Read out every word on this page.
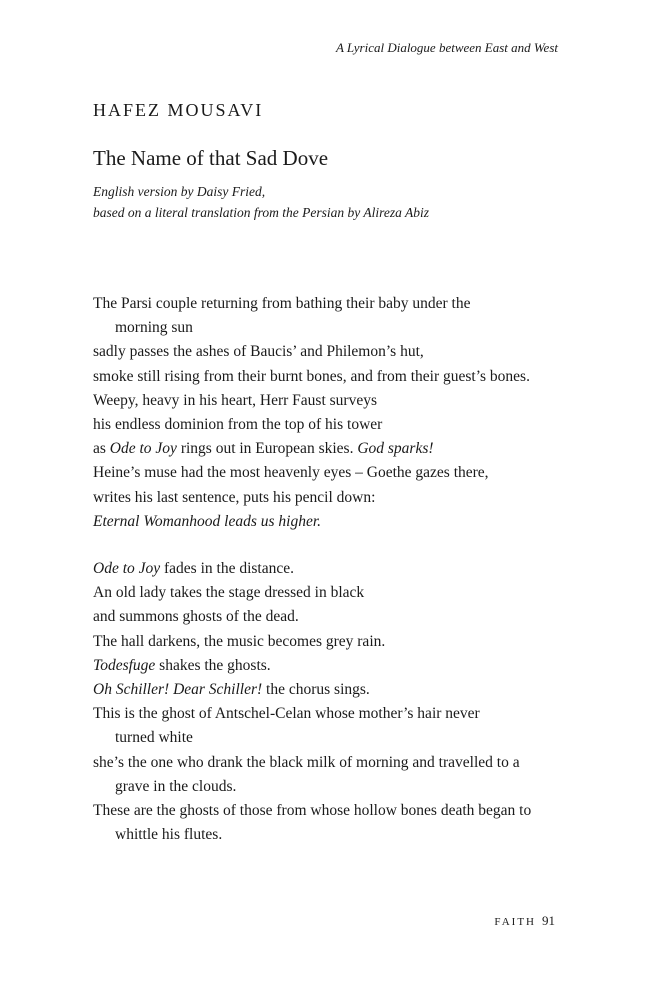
A Lyrical Dialogue between East and West
HAFEZ MOUSAVI
The Name of that Sad Dove
English version by Daisy Fried,
based on a literal translation from the Persian by Alireza Abiz
The Parsi couple returning from bathing their baby under the
morning sun
sadly passes the ashes of Baucis’ and Philemon’s hut,
smoke still rising from their burnt bones, and from their guest’s bones.
Weepy, heavy in his heart, Herr Faust surveys
his endless dominion from the top of his tower
as Ode to Joy rings out in European skies. God sparks!
Heine’s muse had the most heavenly eyes – Goethe gazes there,
writes his last sentence, puts his pencil down:
Eternal Womanhood leads us higher.
Ode to Joy fades in the distance.
An old lady takes the stage dressed in black
and summons ghosts of the dead.
The hall darkens, the music becomes grey rain.
Todesfuge shakes the ghosts.
Oh Schiller! Dear Schiller! the chorus sings.
This is the ghost of Antschel-Celan whose mother’s hair never
turned white
she’s the one who drank the black milk of morning and travelled to a
grave in the clouds.
These are the ghosts of those from whose hollow bones death began to
whittle his flutes.
FAITH 91
